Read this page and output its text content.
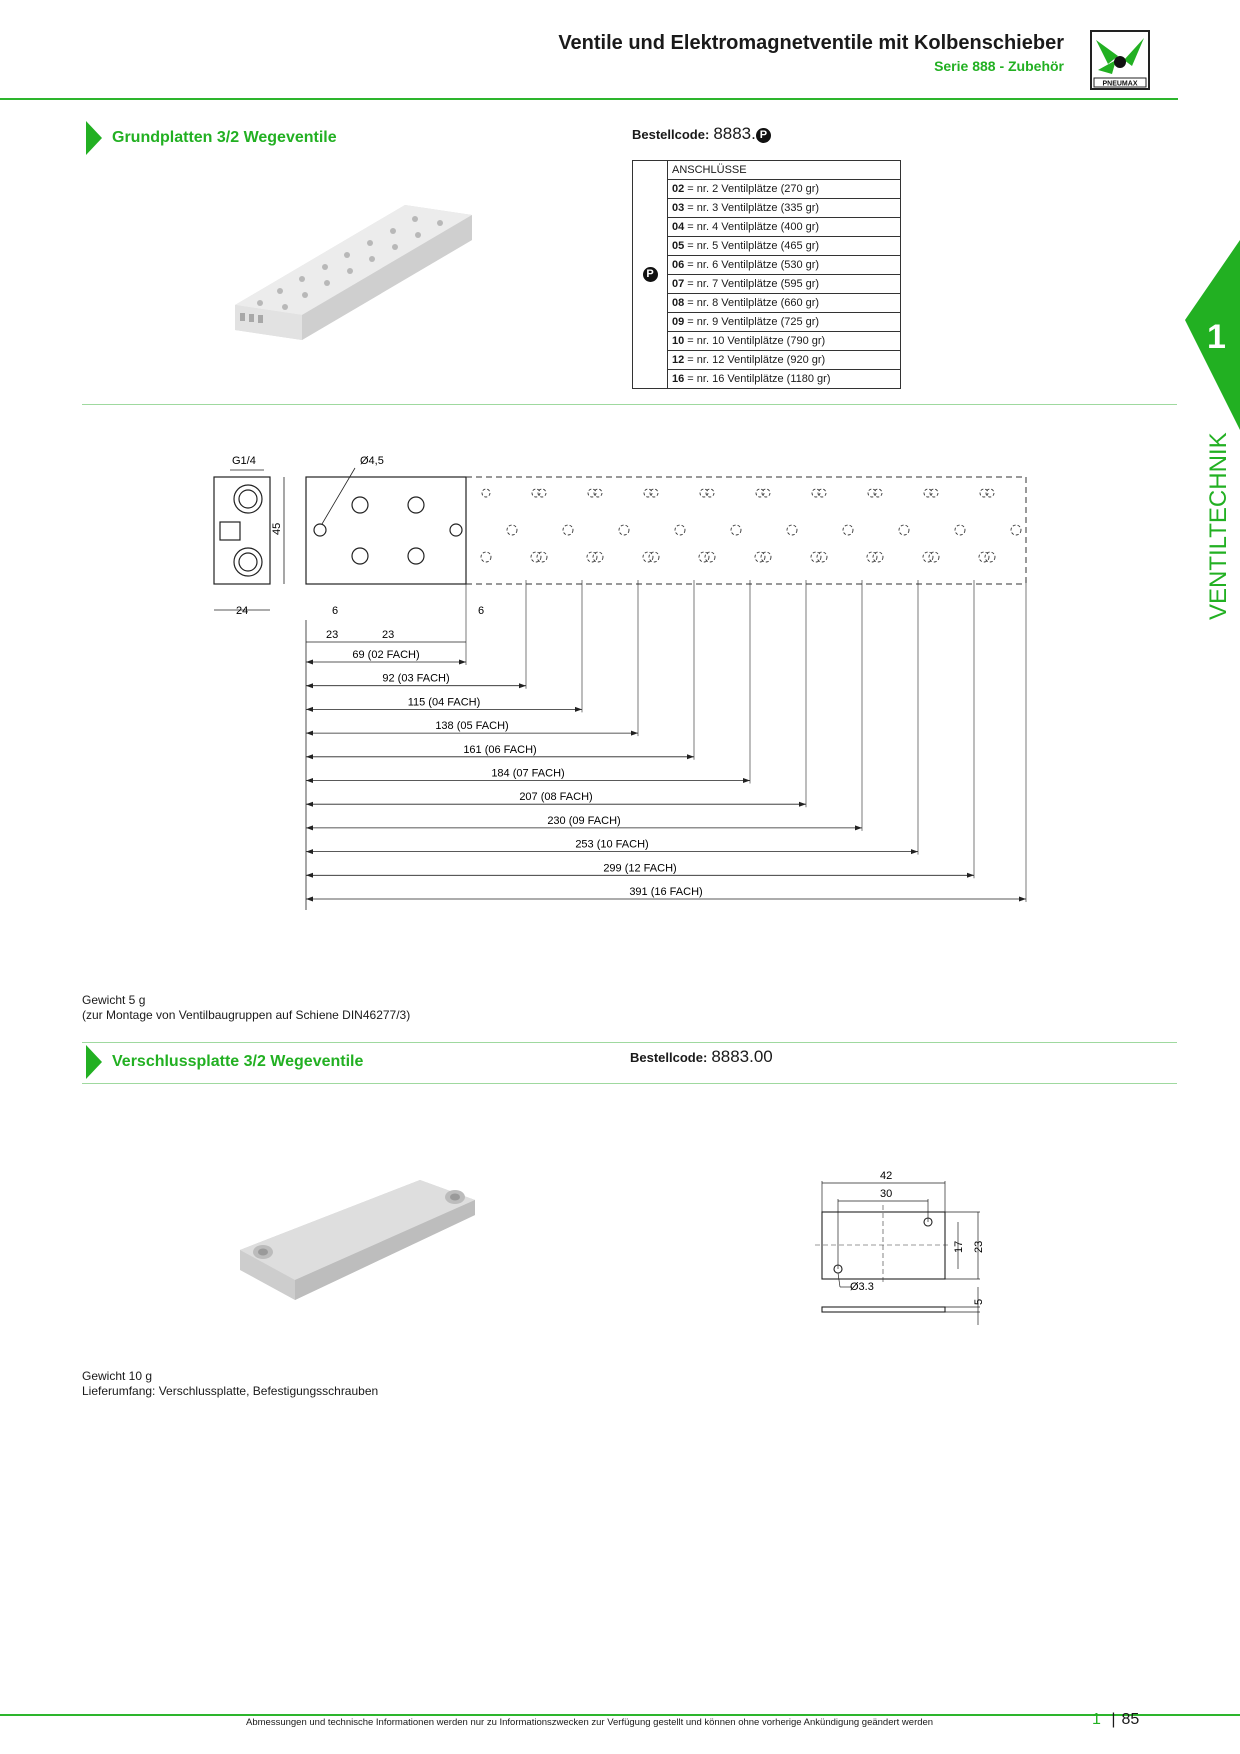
Ventile und Elektromagnetventile mit Kolbenschieber
Serie 888 - Zubehör
PNEUMAX
1
VENTILTECHNIK
Grundplatten 3/2 Wegeventile	Bestellcode: 8883. P
P	ANSCHLÜSSE
02 = nr. 2 Ventilplätze (270 gr)
03 = nr. 3 Ventilplätze (335 gr)
04 = nr. 4 Ventilplätze (400 gr)
05 = nr. 5 Ventilplätze (465 gr)
06 = nr. 6 Ventilplätze (530 gr)
07 = nr. 7 Ventilplätze (595 gr)
08 = nr. 8 Ventilplätze (660 gr)
09 = nr. 9 Ventilplätze (725 gr)
10 = nr. 10 Ventilplätze (790 gr)
12 = nr. 12 Ventilplätze (920 gr)
16 = nr. 16 Ventilplätze (1180 gr)
G1/4	Ø4,5
45
24	6	6
23	23
69 (02 FACH)
92 (03 FACH)
115 (04 FACH)
138 (05 FACH)
161 (06 FACH)
184 (07 FACH)
207 (08 FACH)
230 (09 FACH)
253 (10 FACH)
299 (12 FACH)
391 (16 FACH)
Gewicht 5 g
(zur Montage von Ventilbaugruppen auf Schiene DIN46277/3)
Verschlussplatte 3/2 Wegeventile	Bestellcode: 8883.00
42
30
17 23
Ø3.3
5
Gewicht 10 g
Lieferumfang: Verschlussplatte, Befestigungsschrauben
Abmessungen und technische Informationen werden nur zu Informationszwecken zur Verfügung gestellt und können ohne vorherige Ankündigung geändert werden	1 | 85
